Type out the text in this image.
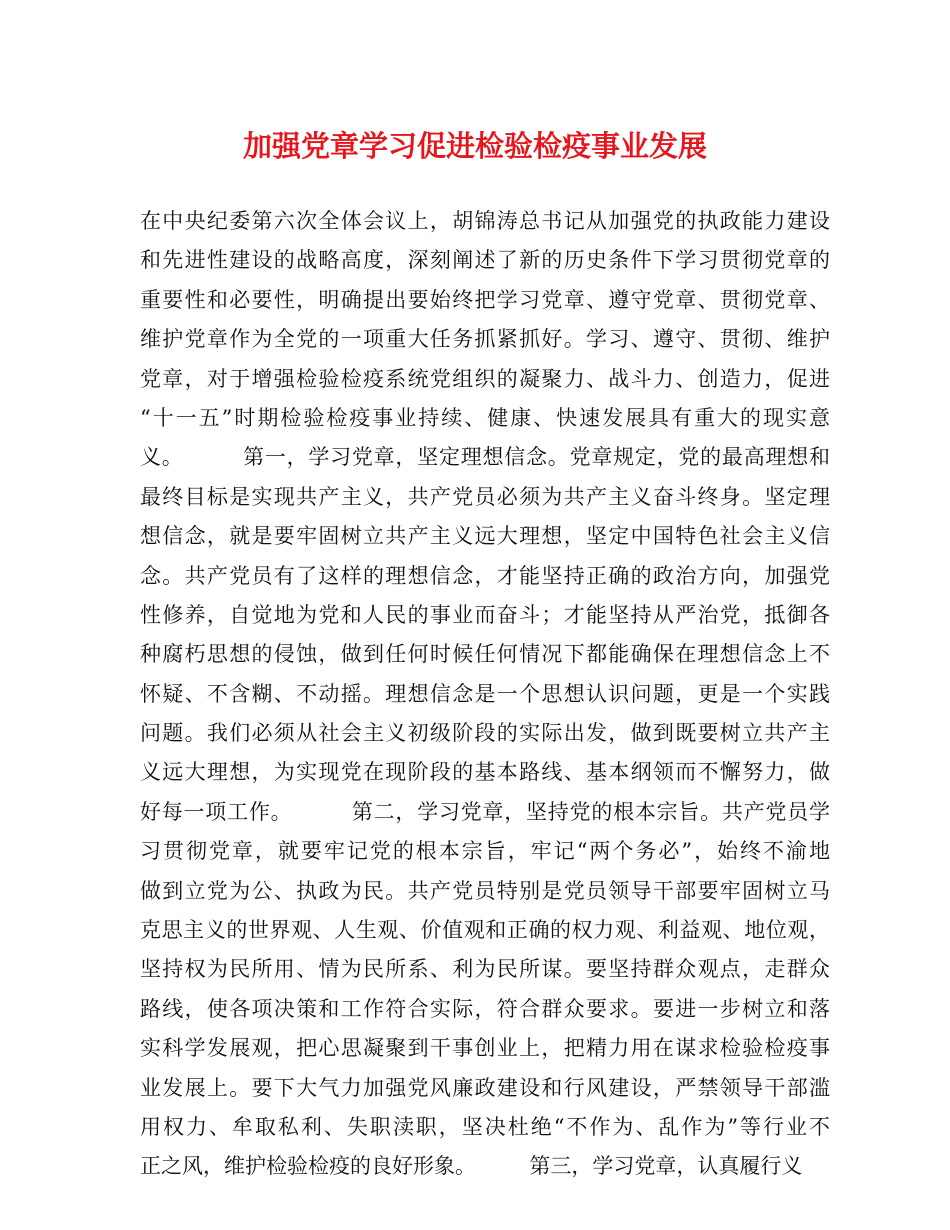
加强党章学习促进检验检疫事业发展
在中央纪委第六次全体会议上，胡锦涛总书记从加强党的执政能力建设
和先进性建设的战略高度，深刻阐述了新的历史条件下学习贯彻党章的
重要性和必要性，明确提出要始终把学习党章、遵守党章、贯彻党章、
维护党章作为全党的一项重大任务抓紧抓好。学习、遵守、贯彻、维护
党章，对于增强检验检疫系统党组织的凝聚力、战斗力、创造力，促进
“十一五”时期检验检疫事业持续、健康、快速发展具有重大的现实意
义。        第一，学习党章，坚定理想信念。党章规定，党的最高理想和
最终目标是实现共产主义，共产党员必须为共产主义奋斗终身。坚定理
想信念，就是要牢固树立共产主义远大理想，坚定中国特色社会主义信
念。共产党员有了这样的理想信念，才能坚持正确的政治方向，加强党
性修养，自觉地为党和人民的事业而奋斗；才能坚持从严治党，抵御各
种腐朽思想的侵蚀，做到任何时候任何情况下都能确保在理想信念上不
怀疑、不含糊、不动摇。理想信念是一个思想认识问题，更是一个实践
问题。我们必须从社会主义初级阶段的实际出发，做到既要树立共产主
义远大理想，为实现党在现阶段的基本路线、基本纲领而不懈努力，做
好每一项工作。        第二，学习党章，坚持党的根本宗旨。共产党员学
习贯彻党章，就要牢记党的根本宗旨，牢记“两个务必”，始终不渝地
做到立党为公、执政为民。共产党员特别是党员领导干部要牢固树立马
克思主义的世界观、人生观、价值观和正确的权力观、利益观、地位观，
坚持权为民所用、情为民所系、利为民所谋。要坚持群众观点，走群众
路线，使各项决策和工作符合实际，符合群众要求。要进一步树立和落
实科学发展观，把心思凝聚到干事创业上，把精力用在谋求检验检疫事
业发展上。要下大气力加强党风廉政建设和行风建设，严禁领导干部滥
用权力、牟取私利、失职渎职，坚决杜绝“不作为、乱作为”等行业不
正之风，维护检验检疫的良好形象。        第三，学习党章，认真履行义
